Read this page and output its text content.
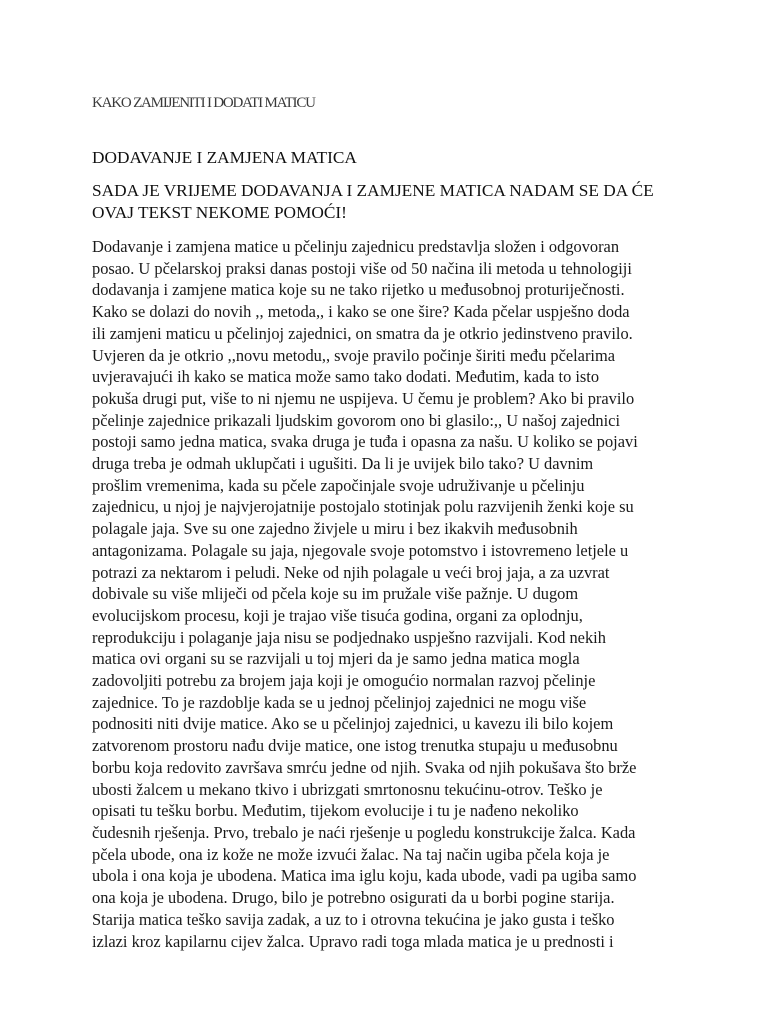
KAKO ZAMIJENITI I DODATI MATICU
DODAVANJE I ZAMJENA MATICA
SADA JE VRIJEME DODAVANJA I ZAMJENE MATICA NADAM SE DA ĆE
OVAJ TEKST NEKOME POMOĆI!
Dodavanje i zamjena matice u pčelinju zajednicu predstavlja složen i odgovoran
posao. U pčelarskoj praksi danas postoji više od 50 načina ili metoda u tehnologiji
dodavanja i zamjene matica koje su ne tako rijetko u međusobnoj proturiječnosti.
Kako se dolazi do novih ,, metoda,, i kako se one šire? Kada pčelar uspješno doda
ili zamjeni maticu u pčelinjoj zajednici, on smatra da je otkrio jedinstveno pravilo.
Uvjeren da je otkrio ,,novu metodu,, svoje pravilo počinje širiti među pčelarima
uvjeravajući ih kako se matica može samo tako dodati. Međutim, kada to isto
pokuša drugi put, više to ni njemu ne uspijeva. U čemu je problem? Ako bi pravilo
pčelinje zajednice prikazali ljudskim govorom ono bi glasilo:,, U našoj zajednici
postoji samo jedna matica, svaka druga je tuđa i opasna za našu. U koliko se pojavi
druga treba je odmah uklupčati i ugušiti. Da li je uvijek bilo tako? U davnim
prošlim vremenima, kada su pčele započinjale svoje udruživanje u pčelinju
zajednicu, u njoj je najvjerojatnije postojalo stotinjak polu razvijenih ženki koje su
polagale jaja. Sve su one zajedno živjele u miru i bez ikakvih međusobnih
antagonizama. Polagale su jaja, njegovale svoje potomstvo i istovremeno letjele u
potrazi za nektarom i peludi. Neke od njih polagale u veći broj jaja, a za uzvrat
dobivale su više mliječi od pčela koje su im pružale više pažnje. U dugom
evolucijskom procesu, koji je trajao više tisuća godina, organi za oplodnju,
reprodukciju i polaganje jaja nisu se podjednako uspješno razvijali. Kod nekih
matica ovi organi su se razvijali u toj mjeri da je samo jedna matica mogla
zadovoljiti potrebu za brojem jaja koji je omogućio normalan razvoj pčelinje
zajednice. To je razdoblje kada se u jednoj pčelinjoj zajednici ne mogu više
podnositi niti dvije matice. Ako se u pčelinjoj zajednici, u kavezu ili bilo kojem
zatvorenom prostoru nađu dvije matice, one istog trenutka stupaju u međusobnu
borbu koja redovito završava smrću jedne od njih. Svaka od njih pokušava što brže
ubosti žalcem u mekano tkivo i ubrizgati smrtonosnu tekućinu-otrov. Teško je
opisati tu tešku borbu. Međutim, tijekom evolucije i tu je nađeno nekoliko
čudesnih rješenja. Prvo, trebalo je naći rješenje u pogledu konstrukcije žalca. Kada
pčela ubode, ona iz kože ne može izvući žalac. Na taj način ugiba pčela koja je
ubola i ona koja je ubodena. Matica ima iglu koju, kada ubode, vadi pa ugiba samo
ona koja je ubodena. Drugo, bilo je potrebno osigurati da u borbi pogine starija.
Starija matica teško savija zadak, a uz to i otrovna tekućina je jako gusta i teško
izlazi kroz kapilarnu cijev žalca. Upravo radi toga mlada matica je u prednosti i
